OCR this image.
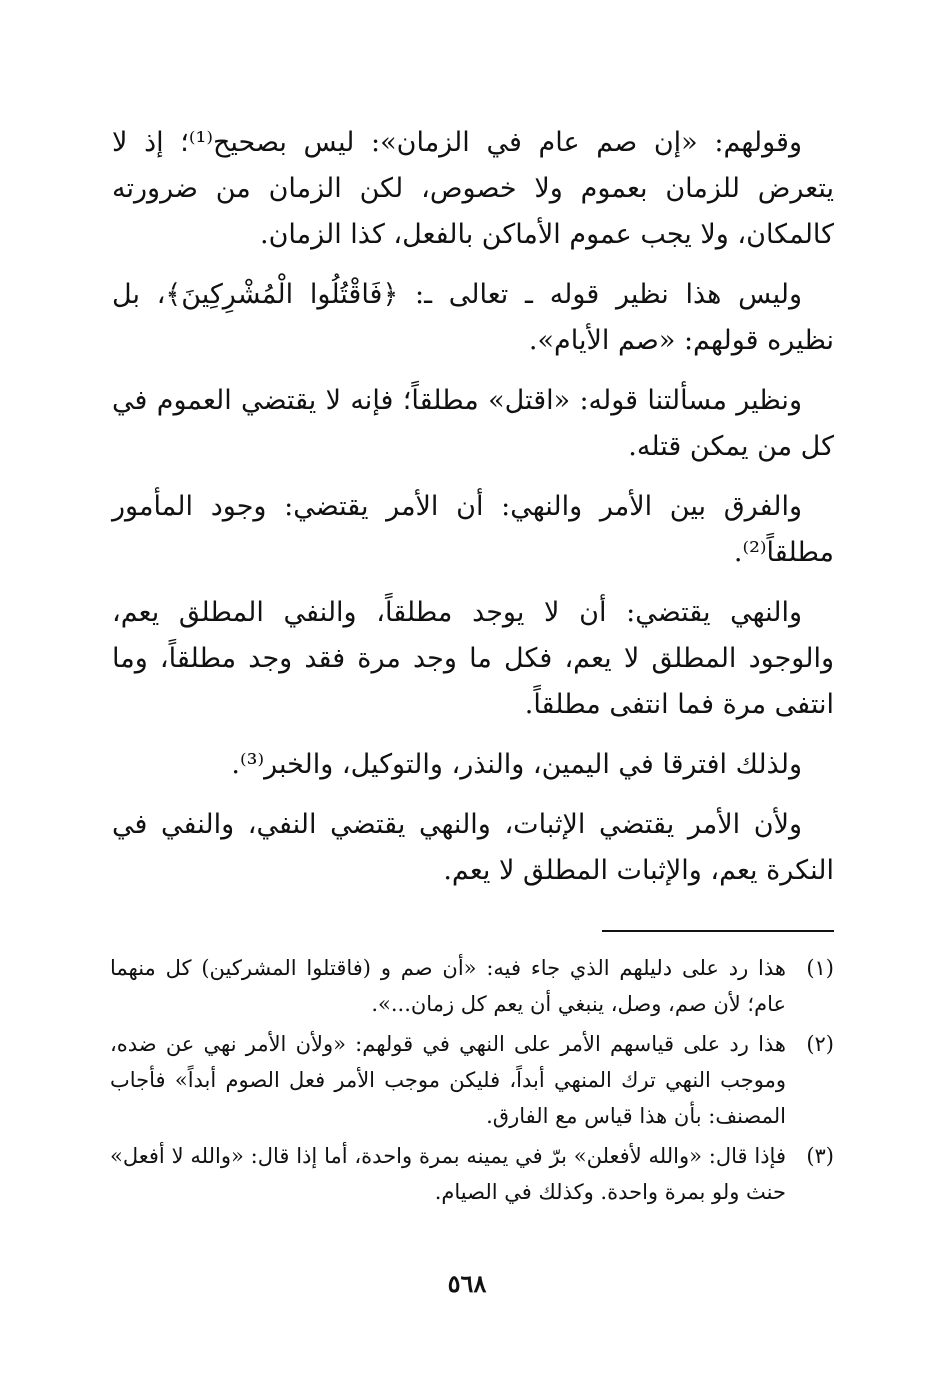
وقولهم: «إن صم عام في الزمان»: ليس بصحيح⁽¹⁾؛ إذ لا يتعرض للزمان بعموم ولا خصوص، لكن الزمان من ضرورته كالمكان، ولا يجب عموم الأماكن بالفعل، كذا الزمان.

وليس هذا نظير قوله ـ تعالى ـ: ﴿فَاقْتُلُوا الْمُشْرِكِينَ﴾، بل نظيره قولهم: «صم الأيام».

ونظير مسألتنا قوله: «اقتل» مطلقاً؛ فإنه لا يقتضي العموم في كل من يمكن قتله.

والفرق بين الأمر والنهي: أن الأمر يقتضي: وجود المأمور مطلقاً⁽²⁾.

والنهي يقتضي: أن لا يوجد مطلقاً، والنفي المطلق يعم، والوجود المطلق لا يعم، فكل ما وجد مرة فقد وجد مطلقاً، وما انتفى مرة فما انتفى مطلقاً.

ولذلك افترقا في اليمين، والنذر، والتوكيل، والخبر⁽³⁾.

ولأن الأمر يقتضي الإثبات، والنهي يقتضي النفي، والنفي في النكرة يعم، والإثبات المطلق لا يعم.

(١)
هذا رد على دليلهم الذي جاء فيه: «أن صم و (فاقتلوا المشركين) كل منهما عام؛ لأن صم، وصل، ينبغي أن يعم كل زمان...».
(٢)
هذا رد على قياسهم الأمر على النهي في قولهم: «ولأن الأمر نهي عن ضده، وموجب النهي ترك المنهي أبداً، فليكن موجب الأمر فعل الصوم أبداً» فأجاب المصنف: بأن هذا قياس مع الفارق.
(٣)
فإذا قال: «والله لأفعلن» برّ في يمينه بمرة واحدة، أما إذا قال: «والله لا أفعل» حنث ولو بمرة واحدة. وكذلك في الصيام.
٥٦٨
